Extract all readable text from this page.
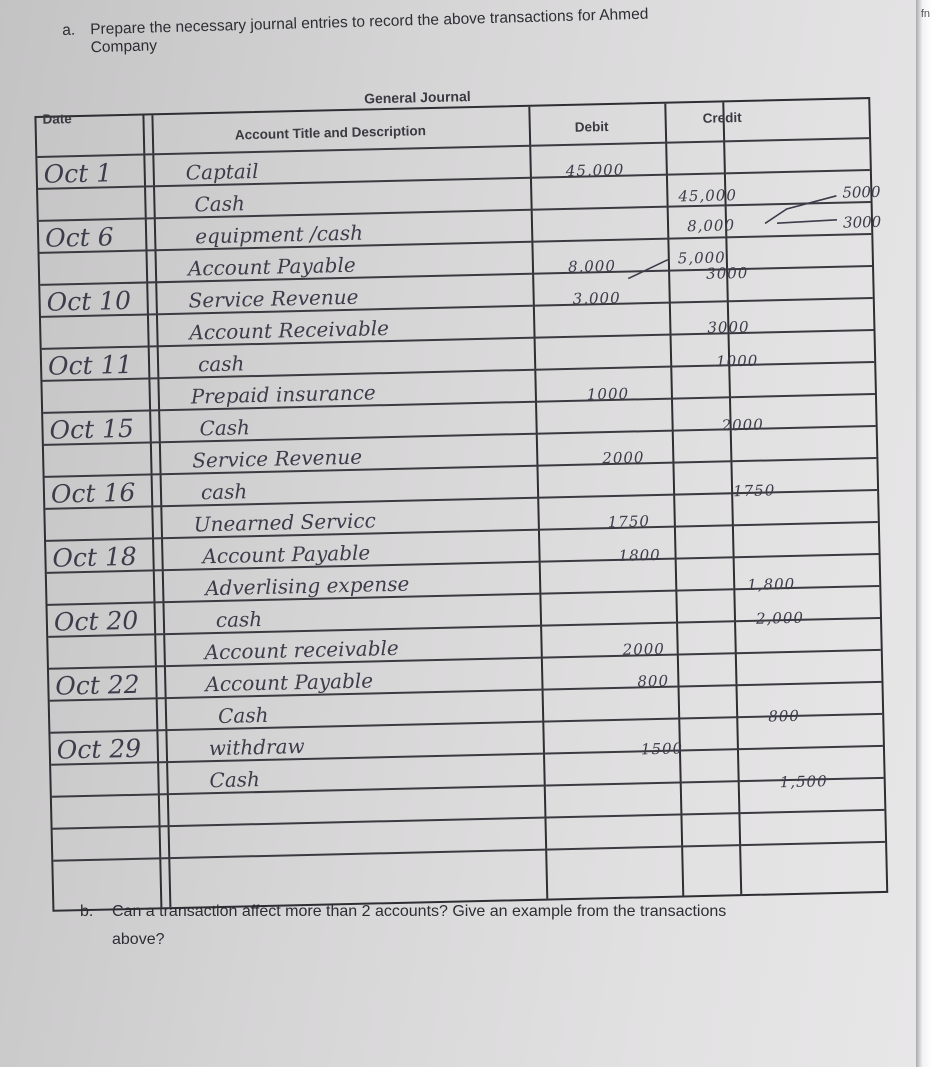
fn
a. Prepare the necessary journal entries to record the above transactions for Ahmed
Company
General Journal
Date
Account Title and Description	Debit
Credit
Oct 1
Oct 6
Oct 10
Oct 11
Oct 15
Oct 16
Oct 18
Oct 20
Oct 22
Oct 29
Captail
Cash
equipment /cash
Account Payable
Service Revenue
Account Receivable
cash
Prepaid insurance
Cash
Service Revenue
cash
Unearned Servicc
Account Payable
Adverlising expense
cash
Account receivable
Account Payable
Cash
withdraw
Cash
45,000
8,000
3,000
1000
2000
1750
1800
2000
800
1500
45,000
8,000
5,000
3000
3000
1000
2000
1750
1,800
2,000
800
1,500
5000
3000
b. Can a transaction affect more than 2 accounts? Give an example from the transactions
above?
